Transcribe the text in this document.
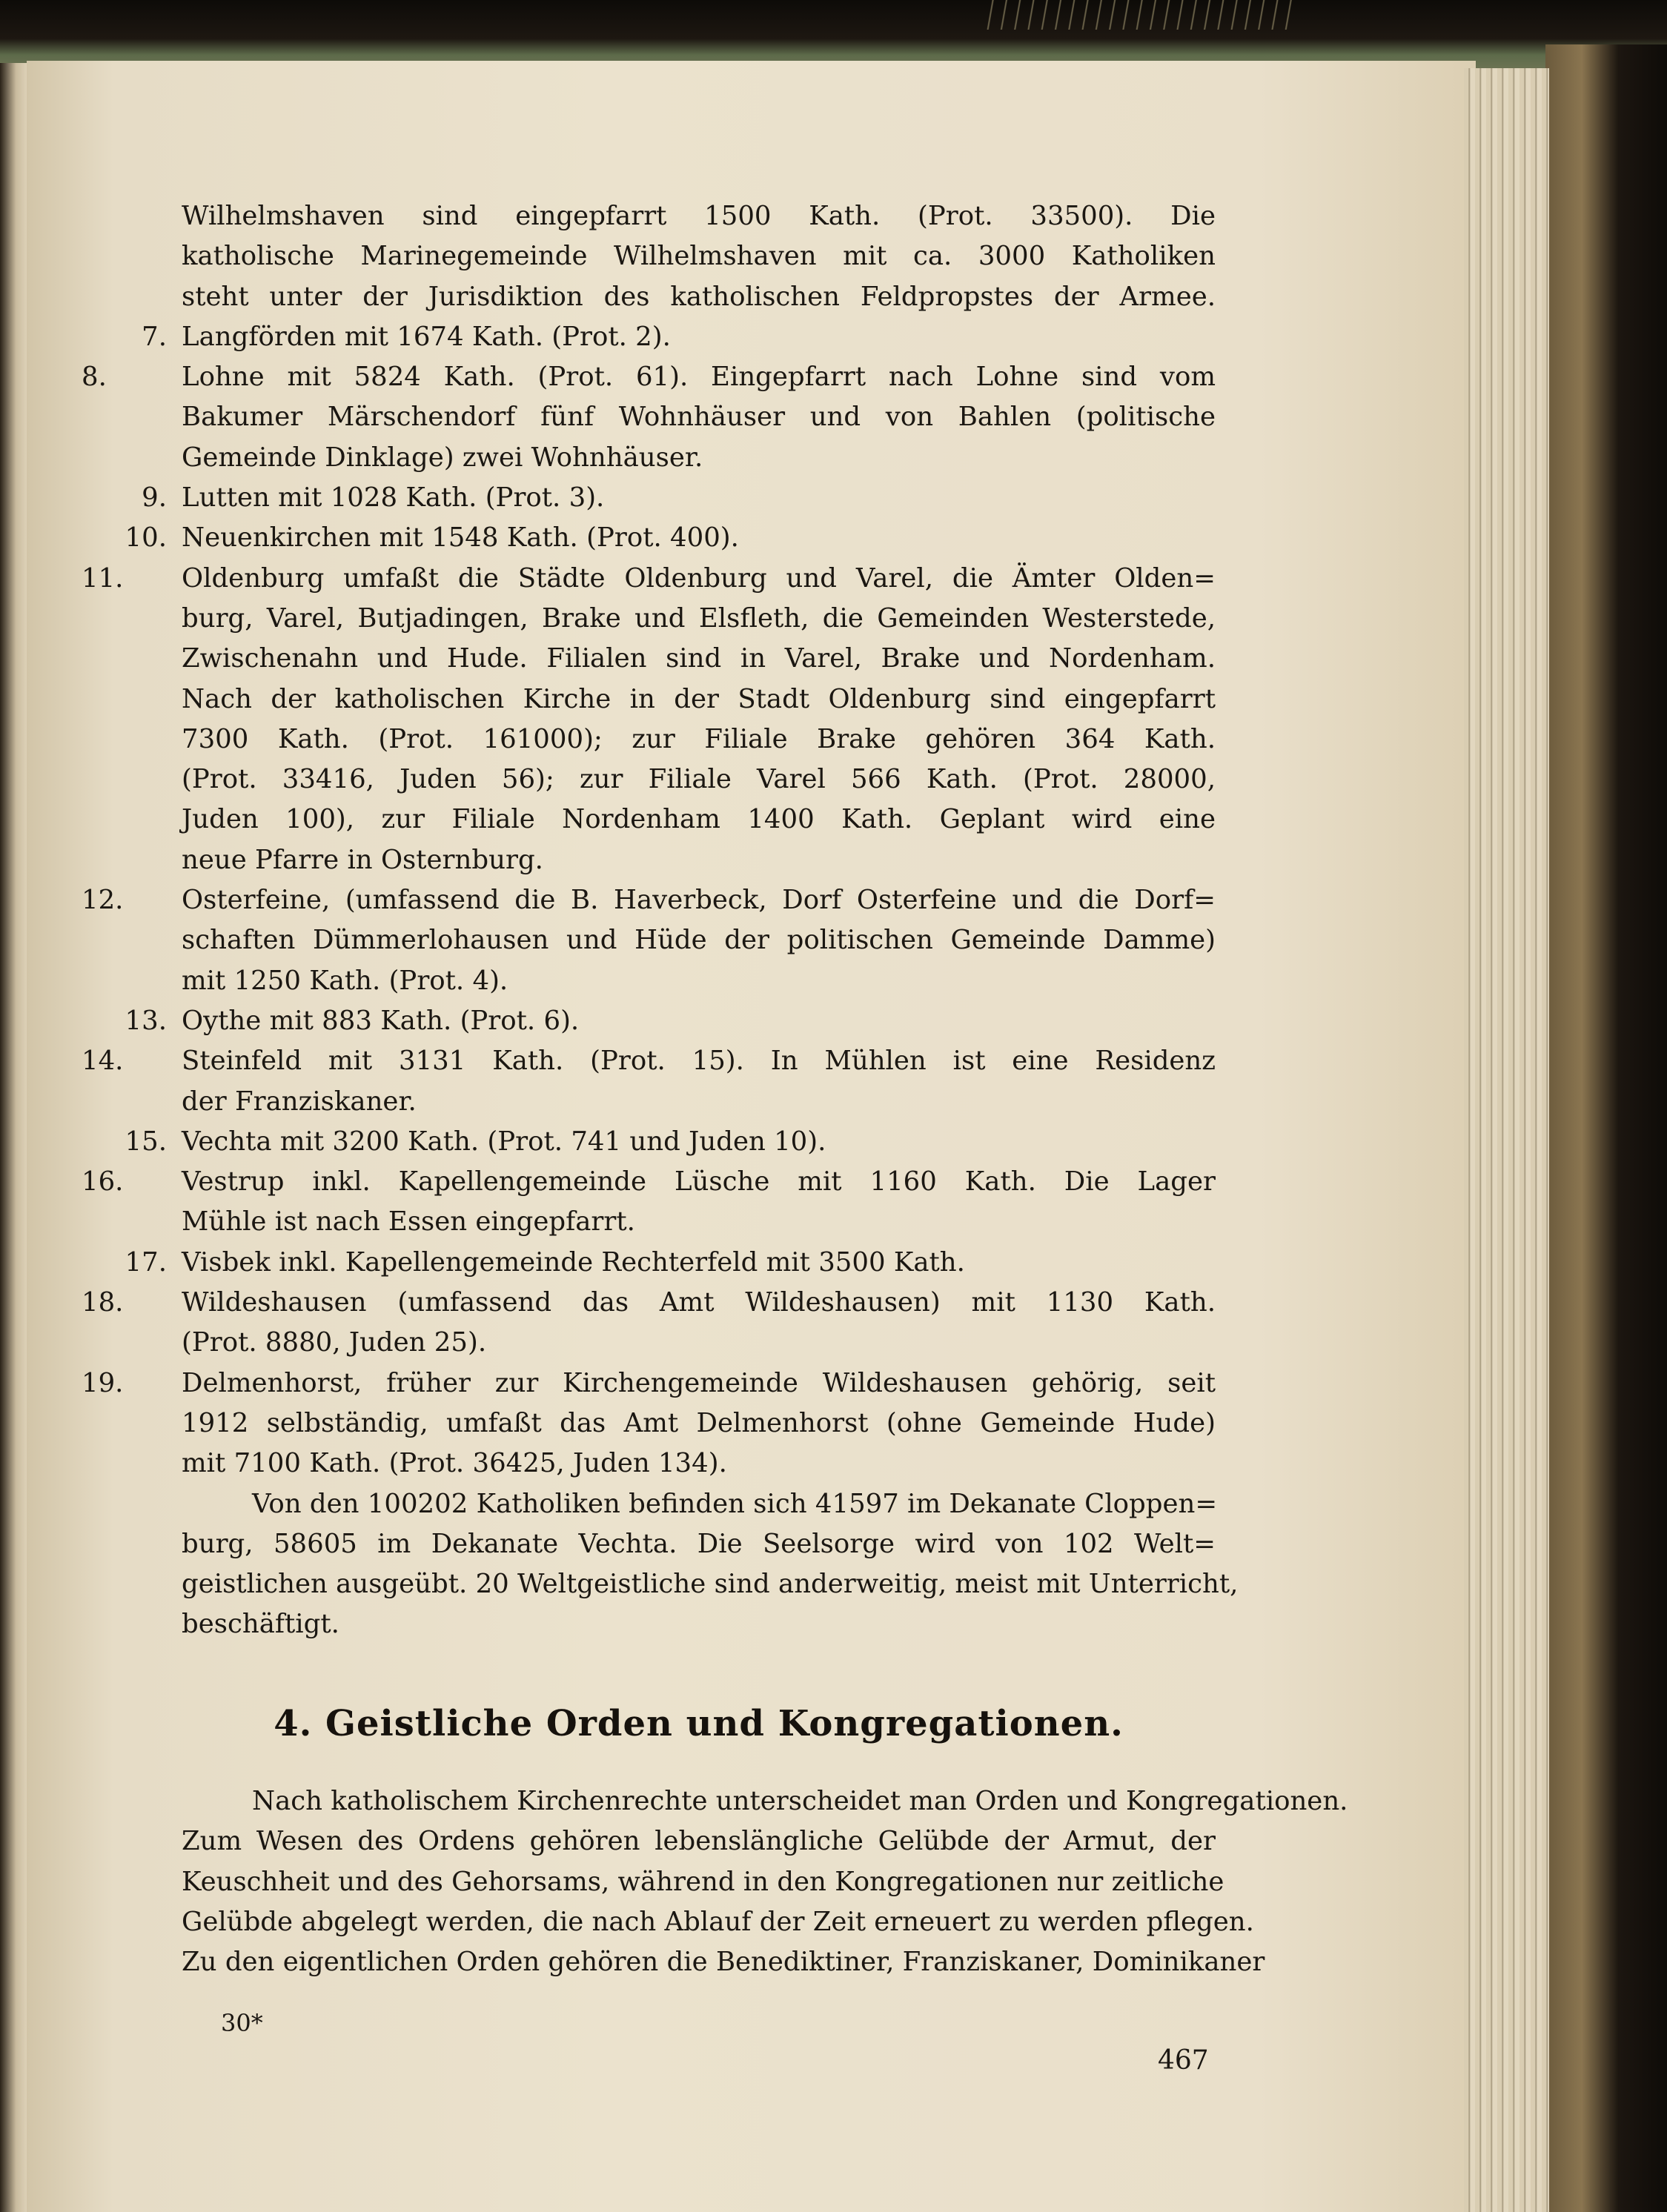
Wilhelmshaven sind eingepfarrt 1500 Kath. (Prot. 33500). Die
katholische Marinegemeinde Wilhelmshaven mit ca. 3000 Katholiken
steht unter der Jurisdiktion des katholischen Feldpropstes der Armee.
7. Langförden mit 1674 Kath. (Prot. 2).
8.	Lohne mit 5824 Kath. (Prot. 61). Eingepfarrt nach Lohne sind vom
Bakumer Märschendorf fünf Wohnhäuser und von Bahlen (politische
Gemeinde Dinklage) zwei Wohnhäuser.
9. Lutten mit 1028 Kath. (Prot. 3).
10. Neuenkirchen mit 1548 Kath. (Prot. 400).
11.	Oldenburg umfaßt die Städte Oldenburg und Varel, die Ämter Olden=
burg, Varel, Butjadingen, Brake und Elsfleth, die Gemeinden Westerstede,
Zwischenahn und Hude. Filialen sind in Varel, Brake und Nordenham.
Nach der katholischen Kirche in der Stadt Oldenburg sind eingepfarrt
7300 Kath. (Prot. 161000); zur Filiale Brake gehören 364 Kath.
(Prot. 33416, Juden 56); zur Filiale Varel 566 Kath. (Prot. 28000,
Juden 100), zur Filiale Nordenham 1400 Kath. Geplant wird eine
neue Pfarre in Osternburg.
12.	Osterfeine, (umfassend die B. Haverbeck, Dorf Osterfeine und die Dorf=
schaften Dümmerlohausen und Hüde der politischen Gemeinde Damme)
mit 1250 Kath. (Prot. 4).
13. Oythe mit 883 Kath. (Prot. 6).
14.	Steinfeld mit 3131 Kath. (Prot. 15). In Mühlen ist eine Residenz
der Franziskaner.
15. Vechta mit 3200 Kath. (Prot. 741 und Juden 10).
16.	Vestrup inkl. Kapellengemeinde Lüsche mit 1160 Kath. Die Lager
Mühle ist nach Essen eingepfarrt.
17. Visbek inkl. Kapellengemeinde Rechterfeld mit 3500 Kath.
18.	Wildeshausen (umfassend das Amt Wildeshausen) mit 1130 Kath.
(Prot. 8880, Juden 25).
19.	Delmenhorst, früher zur Kirchengemeinde Wildeshausen gehörig, seit
1912 selbständig, umfaßt das Amt Delmenhorst (ohne Gemeinde Hude)
mit 7100 Kath. (Prot. 36425, Juden 134).
Von den 100202 Katholiken befinden sich 41597 im Dekanate Cloppen=
burg, 58605 im Dekanate Vechta. Die Seelsorge wird von 102 Welt=
geistlichen ausgeübt. 20 Weltgeistliche sind anderweitig, meist mit Unterricht,
beschäftigt.
4. Geistliche Orden und Kongregationen.
Nach katholischem Kirchenrechte unterscheidet man Orden und Kongregationen.
Zum Wesen des Ordens gehören lebenslängliche Gelübde der Armut, der
Keuschheit und des Gehorsams, während in den Kongregationen nur zeitliche
Gelübde abgelegt werden, die nach Ablauf der Zeit erneuert zu werden pflegen.
Zu den eigentlichen Orden gehören die Benediktiner, Franziskaner, Dominikaner
30*
467
